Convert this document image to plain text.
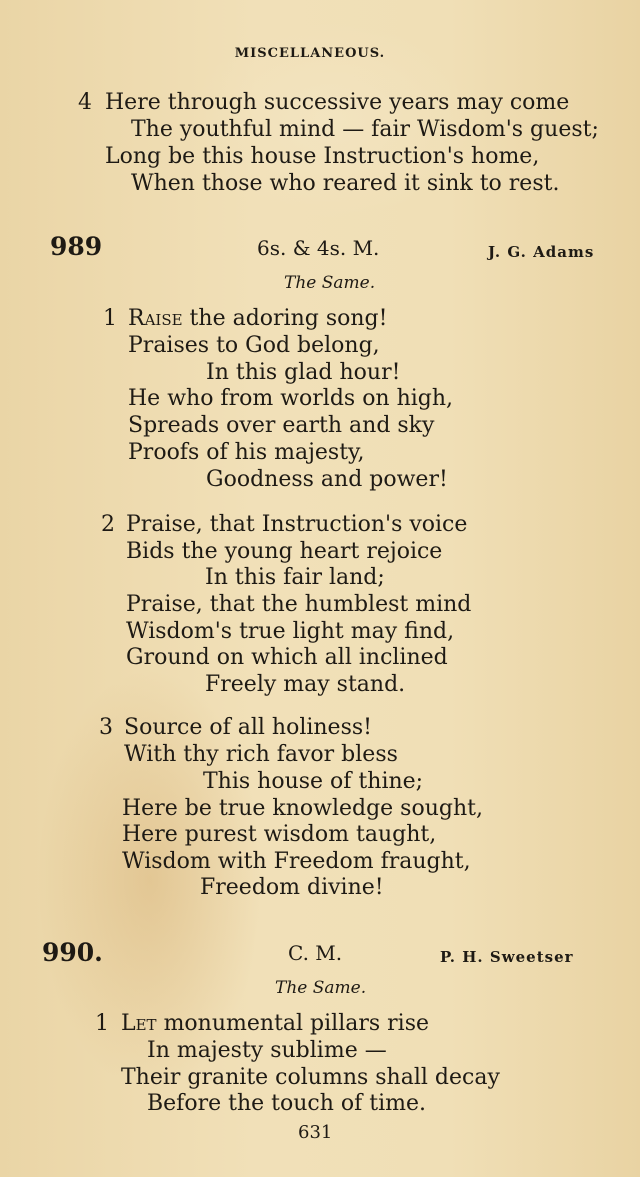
MISCELLANEOUS.
4 Here through successive years may come
The youthful mind — fair Wisdom's guest;
Long be this house Instruction's home,
When those who reared it sink to rest.
989	6s. & 4s. M.	J. G. Adams
The Same.
1 Raise the adoring song!
Praises to God belong,
In this glad hour!
He who from worlds on high,
Spreads over earth and sky
Proofs of his majesty,
Goodness and power!
2 Praise, that Instruction's voice
Bids the young heart rejoice
In this fair land;
Praise, that the humblest mind
Wisdom's true light may find,
Ground on which all inclined
Freely may stand.
3 Source of all holiness!
With thy rich favor bless
This house of thine;
Here be true knowledge sought,
Here purest wisdom taught,
Wisdom with Freedom fraught,
Freedom divine!
990.	C. M.	P. H. Sweetser
The Same.
1 Let monumental pillars rise
In majesty sublime —
Their granite columns shall decay
Before the touch of time.
631
